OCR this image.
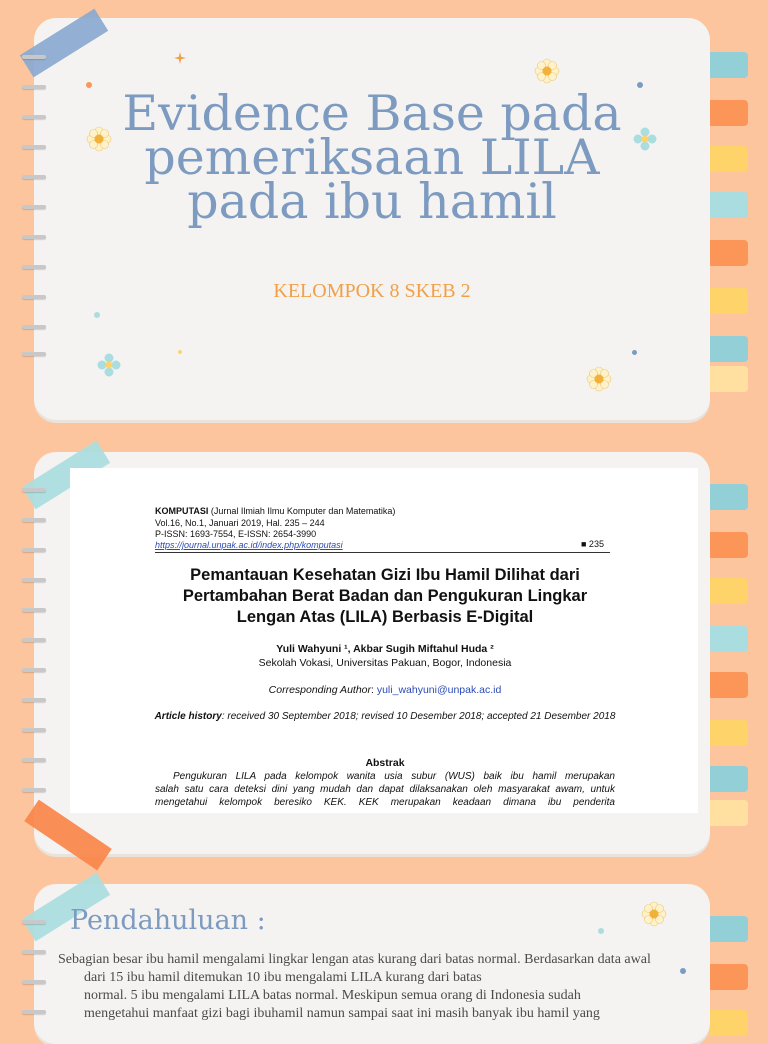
Evidence Base pada
pemeriksaan LILA
pada ibu hamil
KELOMPOK 8 SKEB 2
KOMPUTASI (Jurnal Ilmiah Ilmu Komputer dan Matematika)
Vol.16, No.1, Januari 2019, Hal. 235 – 244
P-ISSN: 1693-7554, E-ISSN: 2654-3990
https://journal.unpak.ac.id/index.php/komputasi	■ 235
Pemantauan Kesehatan Gizi Ibu Hamil Dilihat dari
Pertambahan Berat Badan dan Pengukuran Lingkar
Lengan Atas (LILA) Berbasis E-Digital
Yuli Wahyuni ¹, Akbar Sugih Miftahul Huda ²
Sekolah Vokasi, Universitas Pakuan, Bogor, Indonesia
Corresponding Author: yuli_wahyuni@unpak.ac.id
Article history: received 30 September 2018; revised 10 Desember 2018; accepted 21 Desember 2018
Abstrak
Pengukuran LILA pada kelompok wanita usia subur (WUS) baik ibu hamil merupakan
salah satu cara deteksi dini yang mudah dan dapat dilaksanakan oleh masyarakat awam, untuk
mengetahui kelompok beresiko KEK. KEK merupakan keadaan dimana ibu penderita
Pendahuluan :
Sebagian besar ibu hamil mengalami lingkar lengan atas kurang dari batas normal. Berdasarkan data awal
dari 15 ibu hamil ditemukan 10 ibu mengalami LILA kurang dari batas
normal. 5 ibu mengalami LILA batas normal. Meskipun semua orang di Indonesia sudah
mengetahui manfaat gizi bagi ibuhamil namun sampai saat ini masih banyak ibu hamil yang
